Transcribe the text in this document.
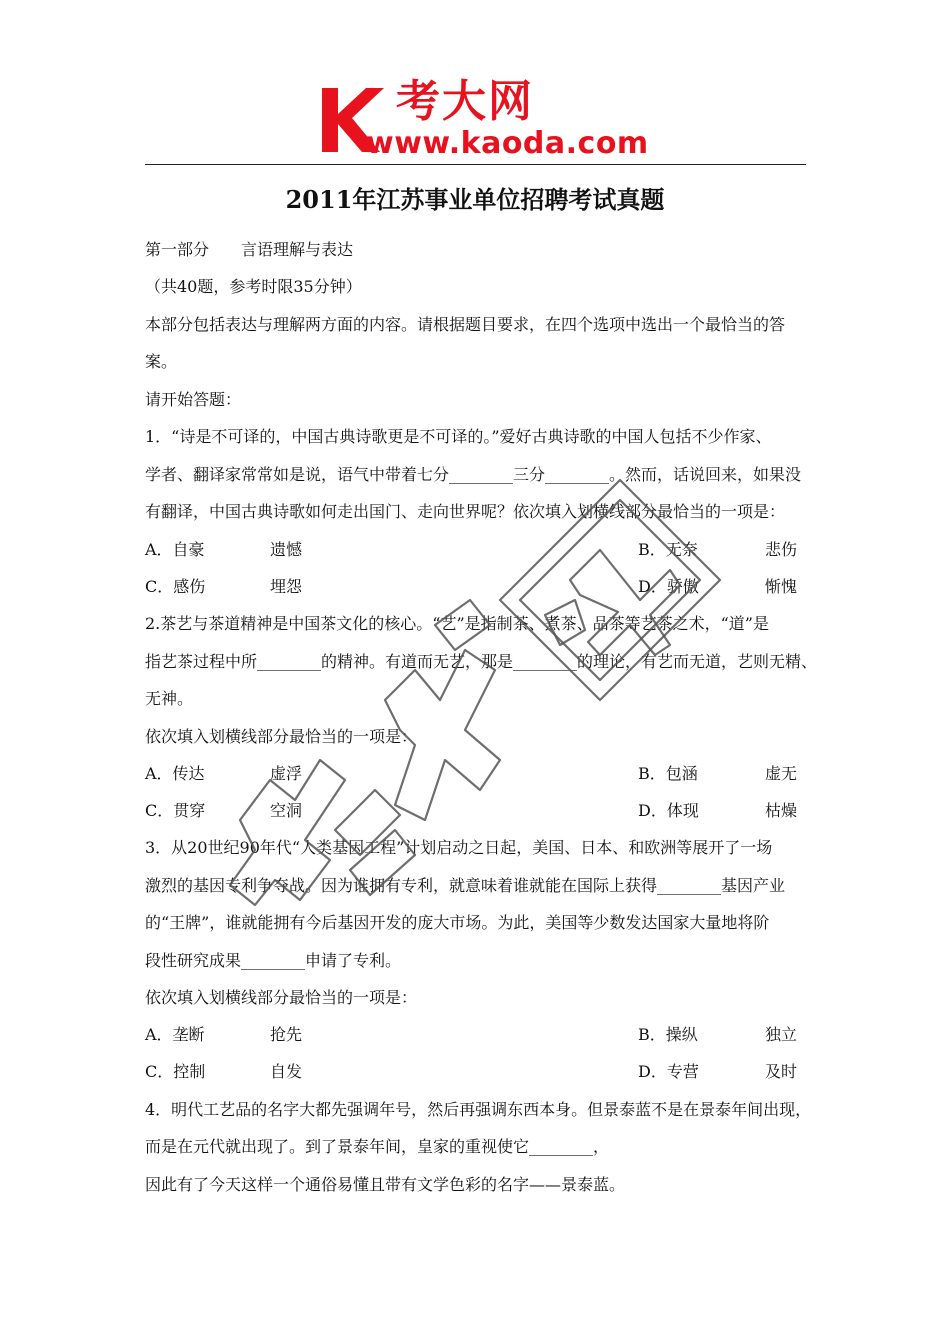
考大网
www.kaoda.com
2011年江苏事业单位招聘考试真题
第一部分　　言语理解与表达
（共40题，参考时限35分钟）
本部分包括表达与理解两方面的内容。请根据题目要求，在四个选项中选出一个最恰当的答
案。
请开始答题：
1．“诗是不可译的，中国古典诗歌更是不可译的。”爱好古典诗歌的中国人包括不少作家、
学者、翻译家常常如是说，语气中带着七分________三分________。然而，话说回来，如果没
有翻译，中国古典诗歌如何走出国门、走向世界呢？依次填入划横线部分最恰当的一项是：
A．自豪	遗憾	B．无奈	悲伤
C．感伤	埋怨	D．骄傲	惭愧
2.茶艺与茶道精神是中国茶文化的核心。“艺”是指制茶、煮茶、品茶等艺茶之术，“道”是
指艺茶过程中所________的精神。有道而无艺，那是________的理论，有艺而无道，艺则无精、
无神。
依次填入划横线部分最恰当的一项是：
A．传达	虚浮	B．包涵	虚无
C．贯穿	空洞	D．体现	枯燥
3．从20世纪90年代“人类基因工程”计划启动之日起，美国、日本、和欧洲等展开了一场
激烈的基因专利争夺战。因为谁拥有专利，就意味着谁就能在国际上获得________基因产业
的“王牌”，谁就能拥有今后基因开发的庞大市场。为此，美国等少数发达国家大量地将阶
段性研究成果________申请了专利。
依次填入划横线部分最恰当的一项是：
A．垄断	抢先	B．操纵	独立
C．控制	自发	D．专营	及时
4．明代工艺品的名字大都先强调年号，然后再强调东西本身。但景泰蓝不是在景泰年间出现，
而是在元代就出现了。到了景泰年间，皇家的重视使它________，
因此有了今天这样一个通俗易懂且带有文学色彩的名字——景泰蓝。
